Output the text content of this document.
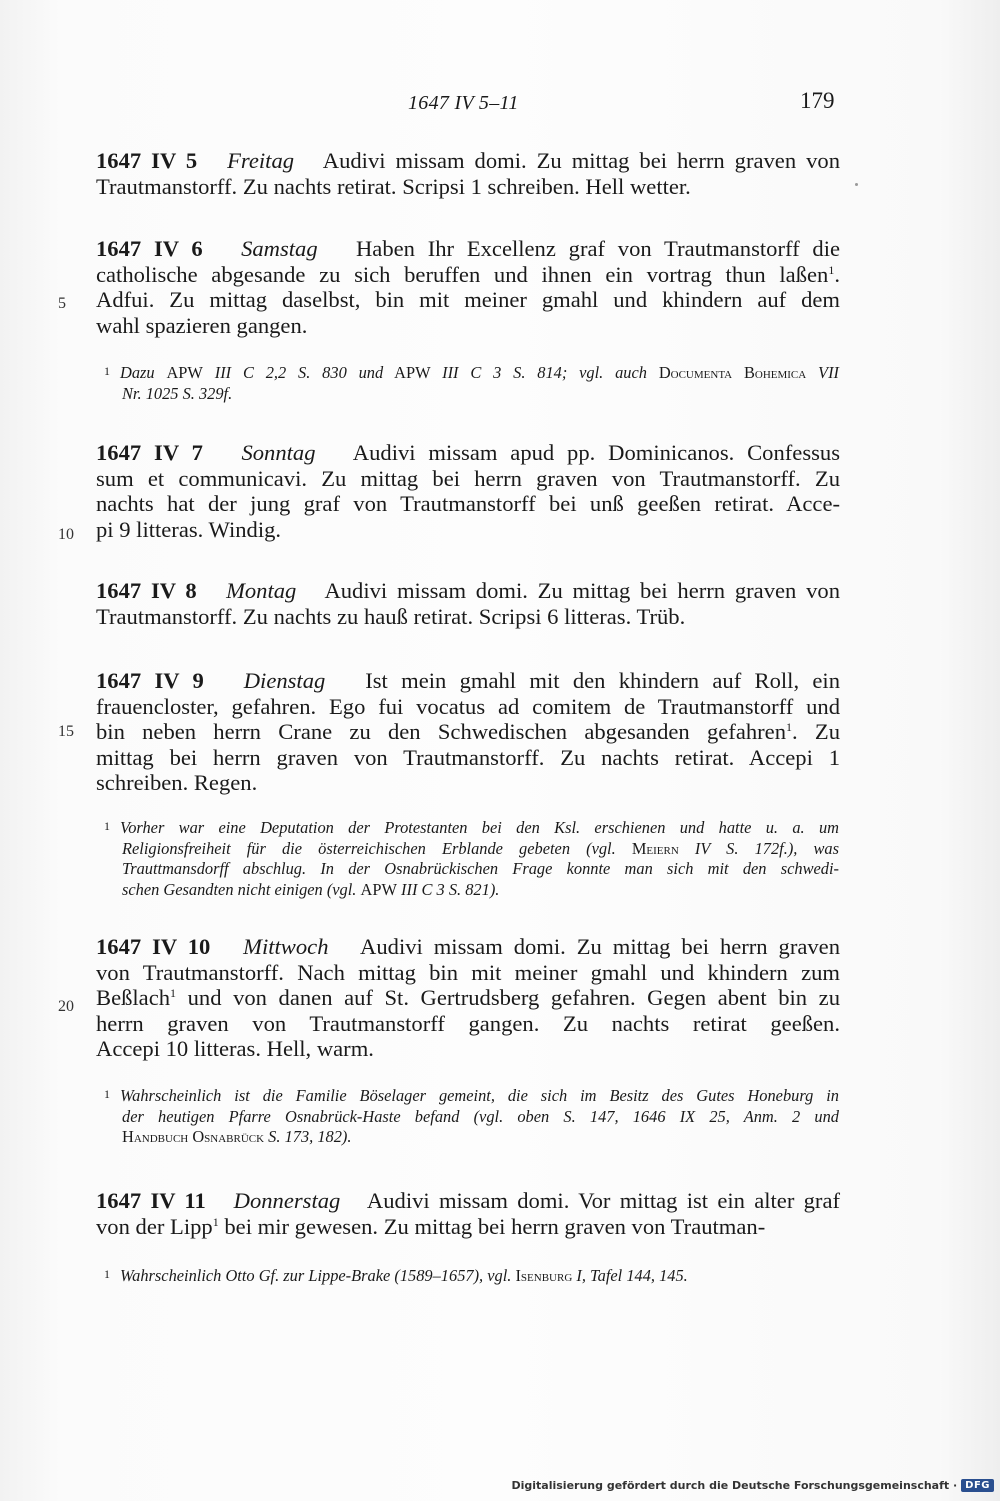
1647 IV 5–11	179
1647 IV 5 Freitag Audivi missam domi. Zu mittag bei herrn graven von
Trautmanstorff. Zu nachts retirat. Scripsi 1 schreiben. Hell wetter.
1647 IV 6 Samstag Haben Ihr Excellenz graf von Trautmanstorff die
catholische abgesande zu sich beruffen und ihnen ein vortrag thun laßen$^1$.
Adfui. Zu mittag daselbst, bin mit meiner gmahl und khindern auf dem
wahl spazieren gangen.
1 Dazu APW III C 2,2 S. 830 und APW III C 3 S. 814; vgl. auch Documenta Bohemica VII
Nr. 1025 S. 329f.
1647 IV 7 Sonntag Audivi missam apud pp. Dominicanos. Confessus
sum et communicavi. Zu mittag bei herrn graven von Trautmanstorff. Zu
nachts hat der jung graf von Trautmanstorff bei unß geeßen retirat. Acce-
pi 9 litteras. Windig.
1647 IV 8 Montag Audivi missam domi. Zu mittag bei herrn graven von
Trautmanstorff. Zu nachts zu hauß retirat. Scripsi 6 litteras. Trüb.
1647 IV 9 Dienstag Ist mein gmahl mit den khindern auf Roll, ein
frauencloster, gefahren. Ego fui vocatus ad comitem de Trautmanstorff und
bin neben herrn Crane zu den Schwedischen abgesanden gefahren$^1$. Zu
mittag bei herrn graven von Trautmanstorff. Zu nachts retirat. Accepi 1
schreiben. Regen.
1 Vorher war eine Deputation der Protestanten bei den Ksl. erschienen und hatte u. a. um
Religionsfreiheit für die österreichischen Erblande gebeten (vgl. Meiern IV S. 172f.), was
Trauttmansdorff abschlug. In der Osnabrückischen Frage konnte man sich mit den schwedi-
schen Gesandten nicht einigen (vgl. APW III C 3 S. 821).
1647 IV 10 Mittwoch Audivi missam domi. Zu mittag bei herrn graven
von Trautmanstorff. Nach mittag bin mit meiner gmahl und khindern zum
Beßlach$^1$ und von danen auf St. Gertrudsberg gefahren. Gegen abent bin zu
herrn graven von Trautmanstorff gangen. Zu nachts retirat geeßen.
Accepi 10 litteras. Hell, warm.
1 Wahrscheinlich ist die Familie Böselager gemeint, die sich im Besitz des Gutes Honeburg in
der heutigen Pfarre Osnabrück-Haste befand (vgl. oben S. 147, 1646 IX 25, Anm. 2 und
Handbuch Osnabrück S. 173, 182).
1647 IV 11 Donnerstag Audivi missam domi. Vor mittag ist ein alter graf
von der Lipp$^1$ bei mir gewesen. Zu mittag bei herrn graven von Trautman-
1 Wahrscheinlich Otto Gf. zur Lippe-Brake (1589–1657), vgl. Isenburg I, Tafel 144, 145.
5
10
15
20
Digitalisierung gefördert durch die Deutsche Forschungsgemeinschaft · DFG
